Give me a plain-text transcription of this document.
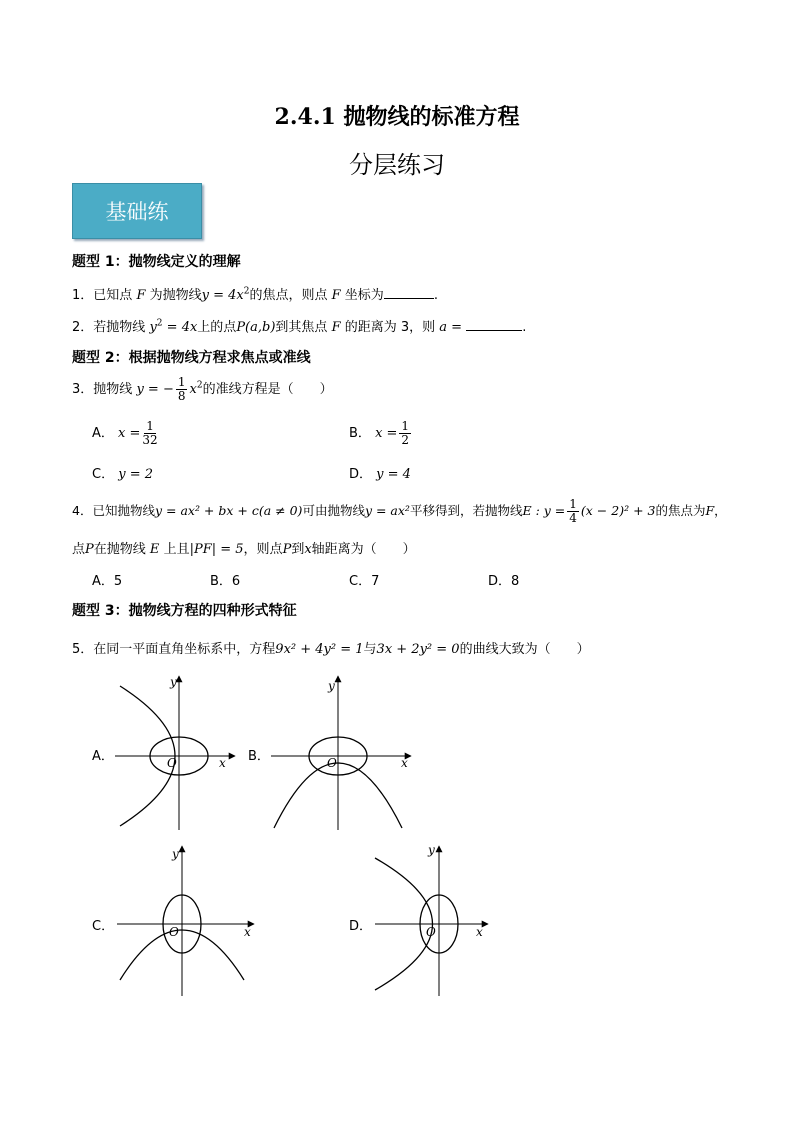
2.4.1 抛物线的标准方程
分层练习
基础练
题型 1：抛物线定义的理解
1．已知点 F 为抛物线$y = 4x^2$的焦点，则点 F 坐标为	.
2．若抛物线 $y^2 = 4x$上的点P(a,b)到其焦点 F 的距离为 3，则 a =	.
题型 2：根据抛物线方程求焦点或准线
3．抛物线 y = − $\frac{1}{8} x^2$的准线方程是（　　）
A． $x = \frac{1}{32}$	B． $x = \frac{1}{2}$
C． y = 2	D． y = 4
4．已知抛物线y = ax² + bx + c(a ≠ 0)可由抛物线y = ax²平移得到，若抛物线E : $y = \frac{1}{4} (x - 2)^2 + 3$的焦点为F，
点P在抛物线 E 上且|PF| = 5，则点P到x轴距离为（　　）
A．5	B．6	C．7	D．8
题型 3：抛物线方程的四种形式特征
5．在同一平面直角坐标系中，方程9x² + 4y² = 1与3x + 2y² = 0的曲线大致为（　　）
A．	O	x
y
B．	O	x
y
C．	O	x
y
D．	O	x
y
